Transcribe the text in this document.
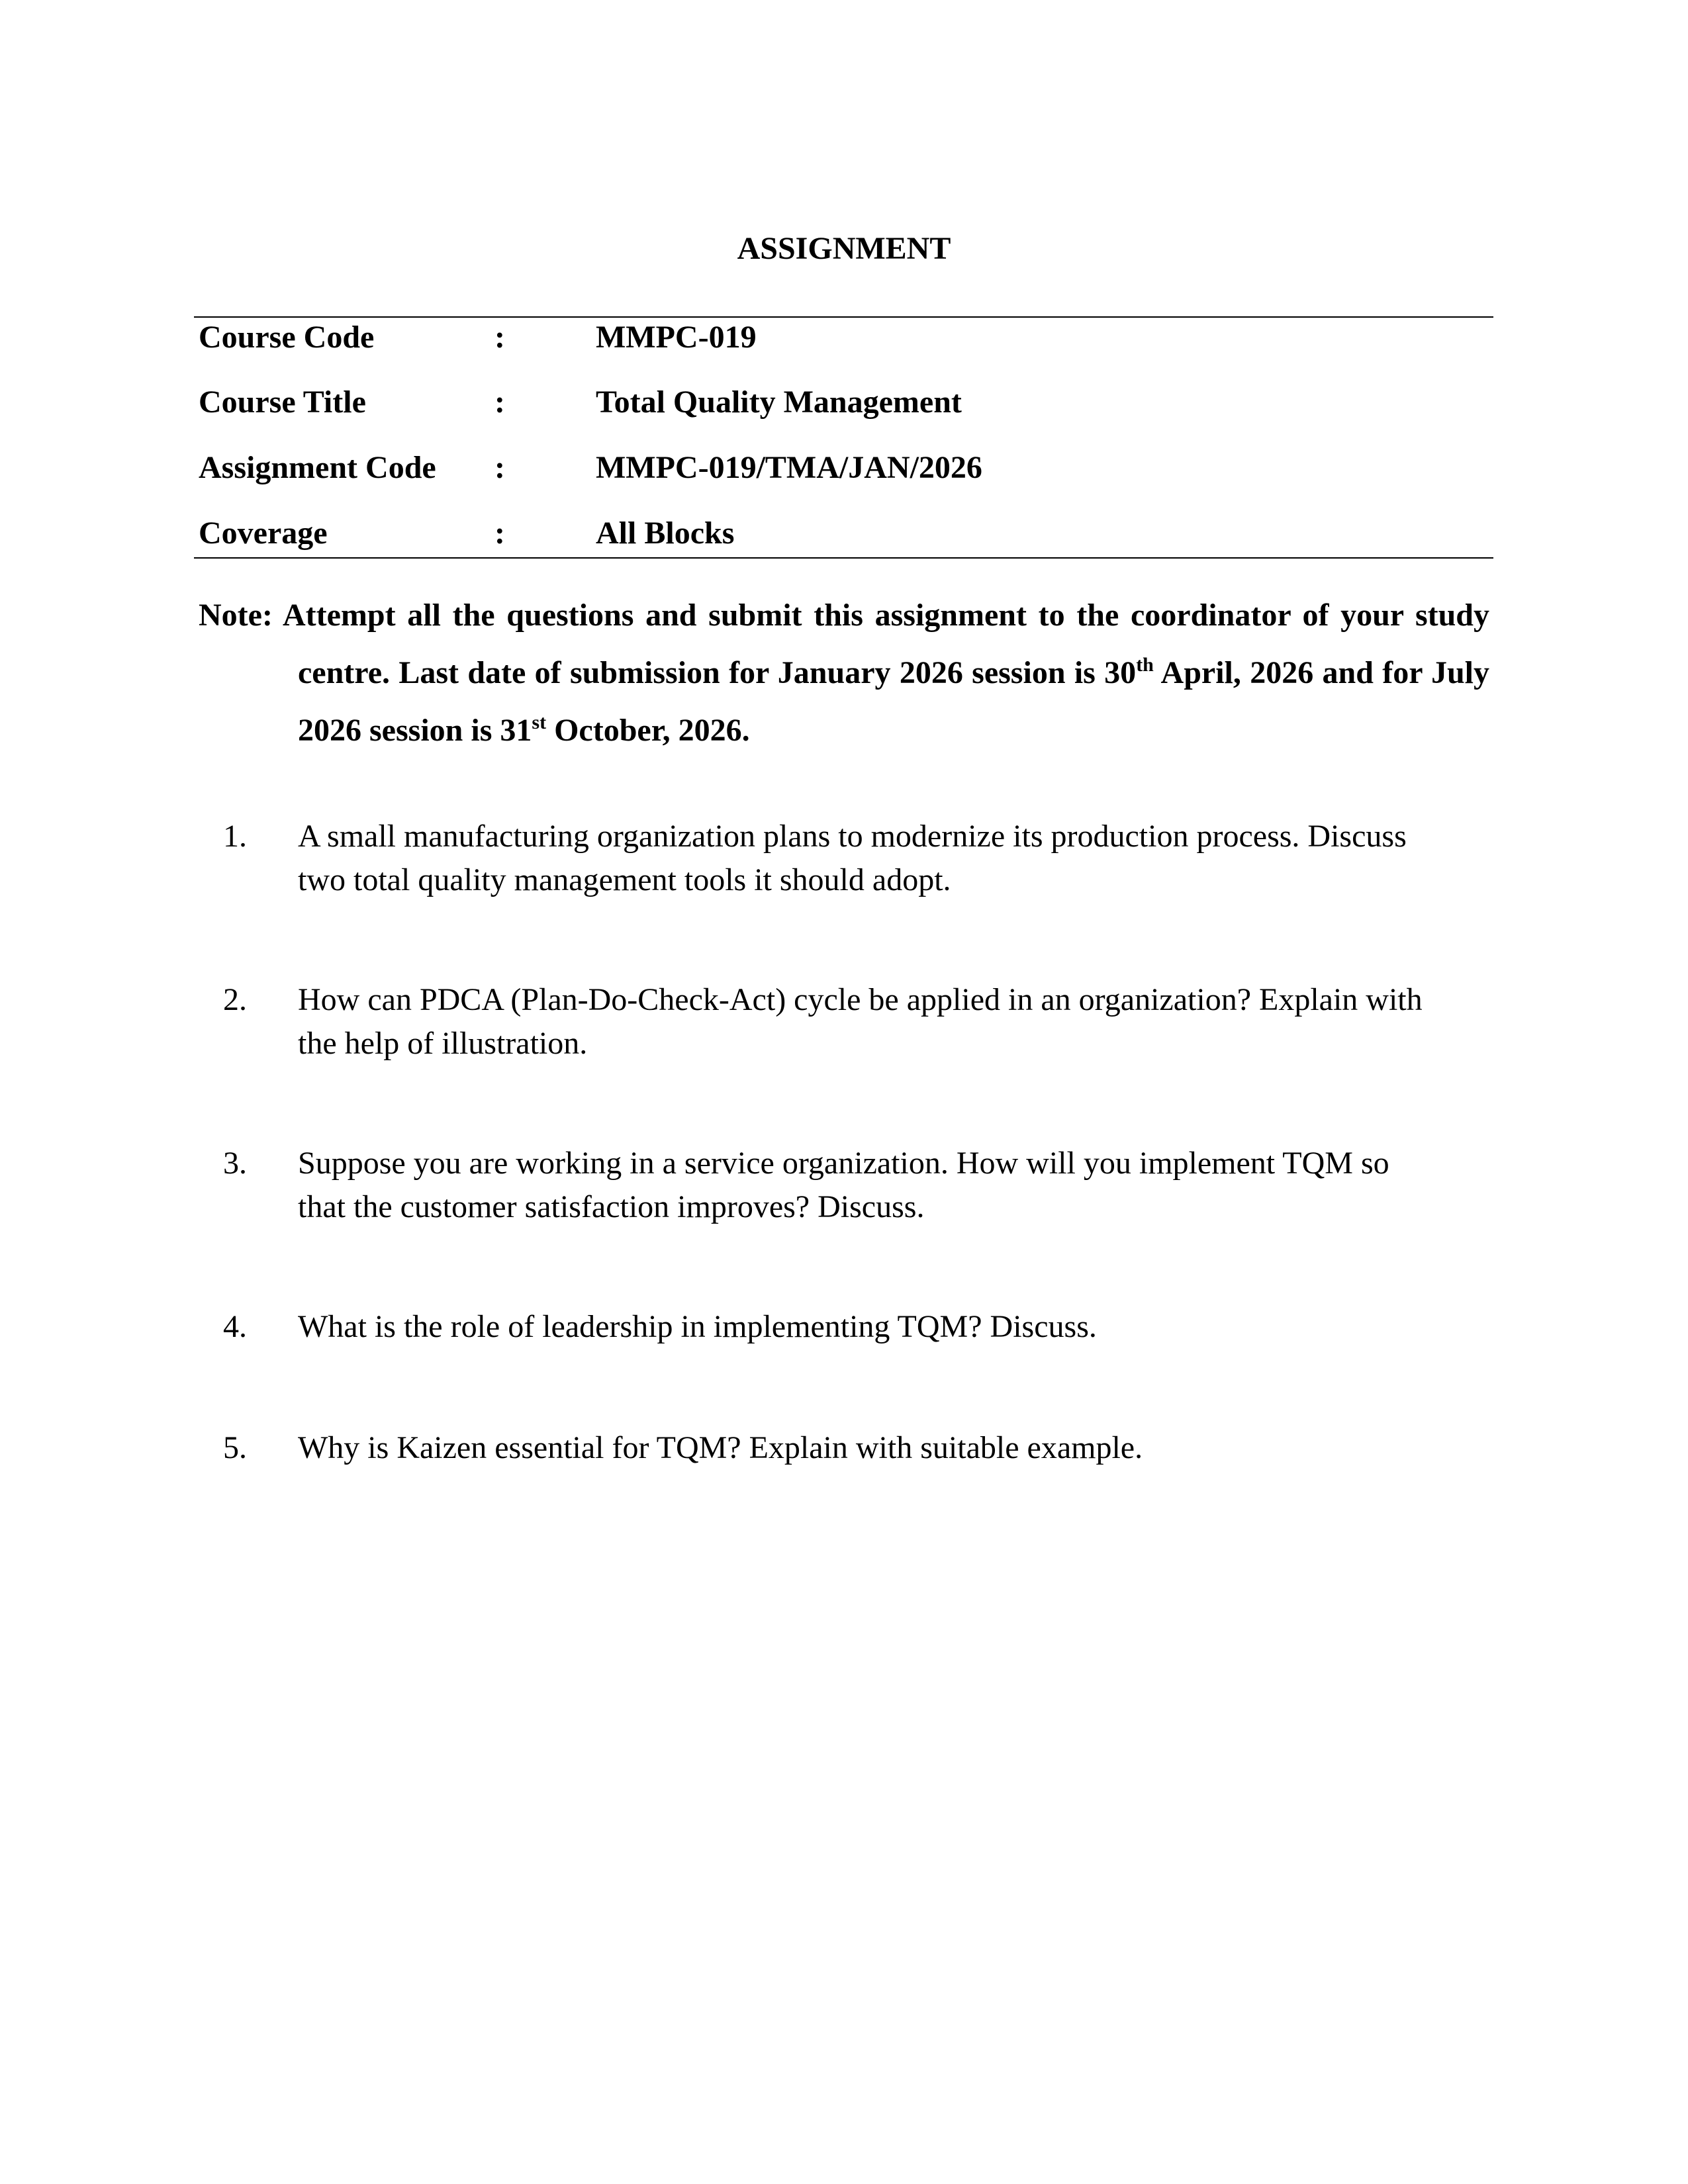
ASSIGNMENT
Course Code	:	MMPC-019
Course Title	:	Total Quality Management
Assignment Code :	MMPC-019/TMA/JAN/2026
Coverage	:	All Blocks

Note: Attempt all the questions and submit this assignment to the coordinator of your study centre. Last date of submission for January 2026 session is 30th April, 2026 and for July 2026 session is 31st October, 2026.

1. A small manufacturing organization plans to modernize its production process. Discuss
two total quality management tools it should adopt.
2. How can PDCA (Plan-Do-Check-Act) cycle be applied in an organization? Explain with
the help of illustration.
3. Suppose you are working in a service organization. How will you implement TQM so
that the customer satisfaction improves? Discuss.
4. What is the role of leadership in implementing TQM? Discuss.
5. Why is Kaizen essential for TQM? Explain with suitable example.
